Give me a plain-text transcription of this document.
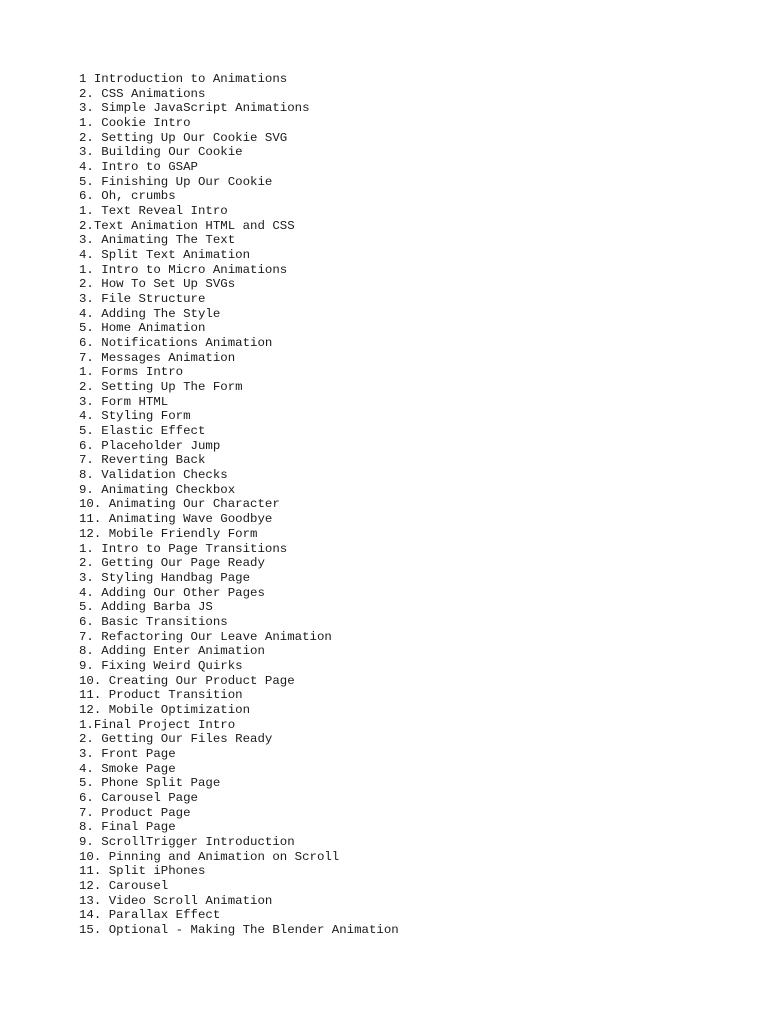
1 Introduction to Animations
2. CSS Animations
3. Simple JavaScript Animations
1. Cookie Intro
2. Setting Up Our Cookie SVG
3. Building Our Cookie
4. Intro to GSAP
5. Finishing Up Our Cookie
6. Oh, crumbs
1. Text Reveal Intro
2.Text Animation HTML and CSS
3. Animating The Text
4. Split Text Animation
1. Intro to Micro Animations
2. How To Set Up SVGs
3. File Structure
4. Adding The Style
5. Home Animation
6. Notifications Animation
7. Messages Animation
1. Forms Intro
2. Setting Up The Form
3. Form HTML
4. Styling Form
5. Elastic Effect
6. Placeholder Jump
7. Reverting Back
8. Validation Checks
9. Animating Checkbox
10. Animating Our Character
11. Animating Wave Goodbye
12. Mobile Friendly Form
1. Intro to Page Transitions
2. Getting Our Page Ready
3. Styling Handbag Page
4. Adding Our Other Pages
5. Adding Barba JS
6. Basic Transitions
7. Refactoring Our Leave Animation
8. Adding Enter Animation
9. Fixing Weird Quirks
10. Creating Our Product Page
11. Product Transition
12. Mobile Optimization
1.Final Project Intro
2. Getting Our Files Ready
3. Front Page
4. Smoke Page
5. Phone Split Page
6. Carousel Page
7. Product Page
8. Final Page
9. ScrollTrigger Introduction
10. Pinning and Animation on Scroll
11. Split iPhones
12. Carousel
13. Video Scroll Animation
14. Parallax Effect
15. Optional - Making The Blender Animation
